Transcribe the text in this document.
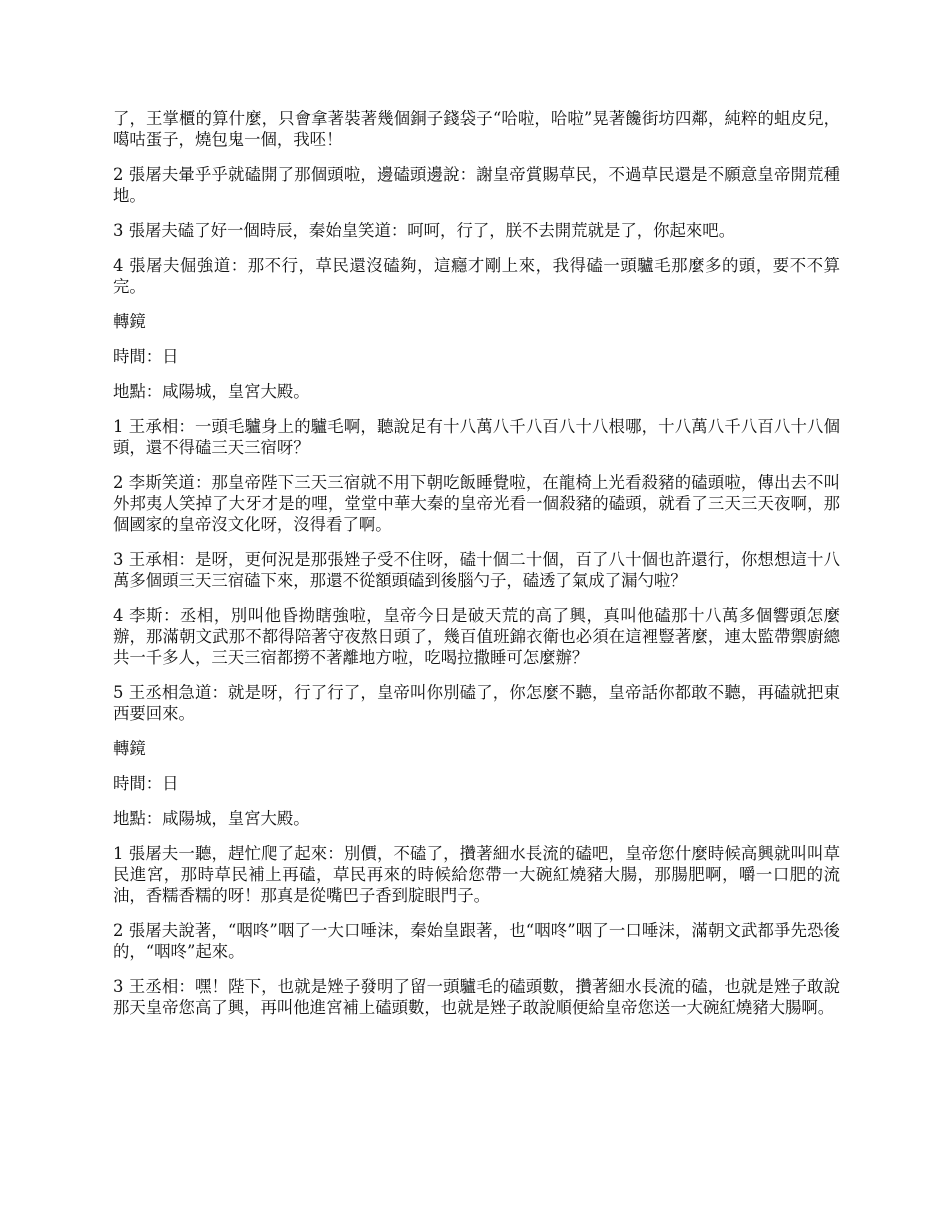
了，王掌櫃的算什麼，只會拿著裝著幾個銅子錢袋子“哈啦，哈啦”晃著饞街坊四鄰，純粹的蛆皮兒，噶咕蛋子，燒包鬼一個，我呸！

2 張屠夫暈乎乎就磕開了那個頭啦，邊磕頭邊說：謝皇帝賞賜草民，不過草民還是不願意皇帝開荒種地。

3 張屠夫磕了好一個時辰，秦始皇笑道：呵呵，行了，朕不去開荒就是了，你起來吧。

4 張屠夫倔強道：那不行，草民還沒磕夠，這癮才剛上來，我得磕一頭驢毛那麼多的頭，要不不算完。

轉鏡

時間：日

地點：咸陽城，皇宮大殿。

1 王承相：一頭毛驢身上的驢毛啊，聽說足有十八萬八千八百八十八根哪，十八萬八千八百八十八個頭，還不得磕三天三宿呀？

2 李斯笑道：那皇帝陛下三天三宿就不用下朝吃飯睡覺啦，在龍椅上光看殺豬的磕頭啦，傳出去不叫外邦夷人笑掉了大牙才是的哩，堂堂中華大秦的皇帝光看一個殺豬的磕頭，就看了三天三天夜啊，那個國家的皇帝沒文化呀，沒得看了啊。

3 王承相：是呀，更何況是那張矬子受不住呀，磕十個二十個，百了八十個也許還行，你想想這十八萬多個頭三天三宿磕下來，那還不從額頭磕到後腦勺子，磕透了氣成了漏勺啦？

4 李斯：丞相，別叫他昏拗瞎強啦，皇帝今日是破天荒的高了興，真叫他磕那十八萬多個響頭怎麼辦，那滿朝文武那不都得陪著守夜熬日頭了，幾百值班錦衣衛也必須在這裡豎著麼，連太監帶禦廚總共一千多人，三天三宿都撈不著離地方啦，吃喝拉撒睡可怎麼辦？

5 王丞相急道：就是呀，行了行了，皇帝叫你別磕了，你怎麼不聽，皇帝話你都敢不聽，再磕就把東西要回來。

轉鏡

時間：日

地點：咸陽城，皇宮大殿。

1 張屠夫一聽，趕忙爬了起來：別價，不磕了，攢著細水長流的磕吧，皇帝您什麼時候高興就叫叫草民進宮，那時草民補上再磕，草民再來的時候給您帶一大碗紅燒豬大腸，那腸肥啊，嚼一口肥的流油，香糯香糯的呀！那真是從嘴巴子香到腚眼門子。

2 張屠夫說著，“咽咚”咽了一大口唾沫，秦始皇跟著，也“咽咚”咽了一口唾沫，滿朝文武都爭先恐後的，“咽咚”起來。

3 王丞相：嘿！陛下，也就是矬子發明了留一頭驢毛的磕頭數，攢著細水長流的磕，也就是矬子敢說那天皇帝您高了興，再叫他進宮補上磕頭數，也就是矬子敢說順便給皇帝您送一大碗紅燒豬大腸啊。
